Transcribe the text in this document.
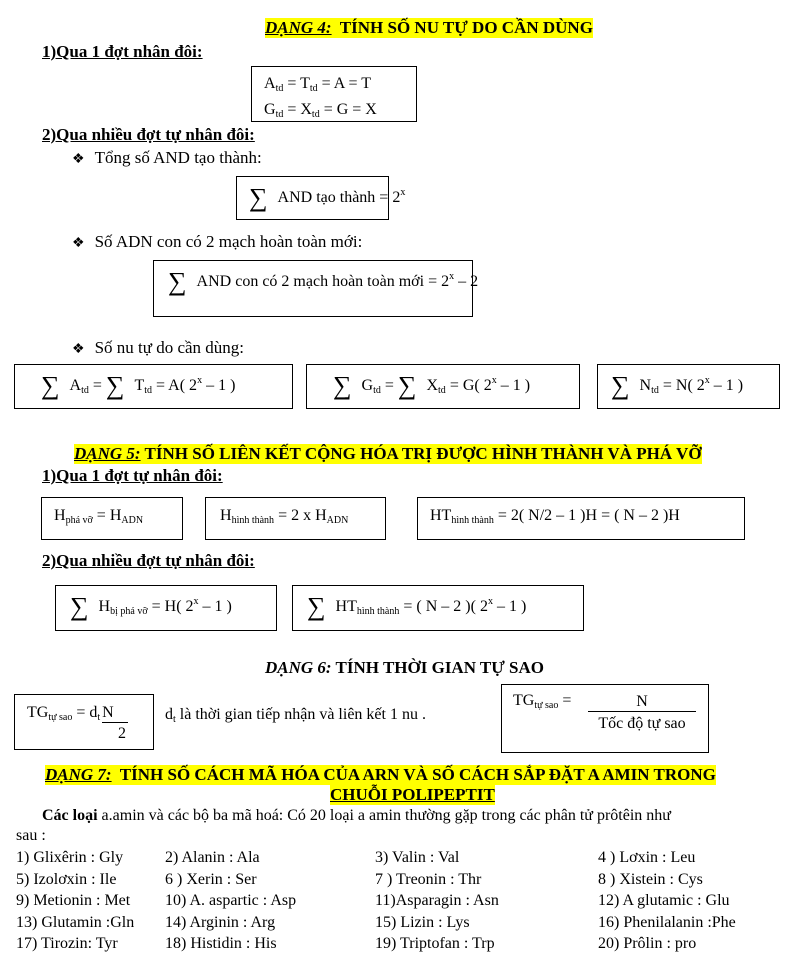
DẠNG 4: TÍNH SỐ NU TỰ DO CẦN DÙNG
1)Qua 1 đợt nhân đôi:
$A_{td} = T_{td} = A = T$
$G_{td} = X_{td} = G = X$
2)Qua nhiều đợt tự nhân đôi:
❖ Tổng số AND tạo thành:
∑ AND tạo thành = $2^x$
❖ Số ADN con có 2 mạch hoàn toàn mới:
∑ AND con có 2 mạch hoàn toàn mới = $2^x - 2$
❖ Số nu tự do cần dùng:
∑ $A_{td}$ = ∑ $T_{td} = A$( 2$^x$ – 1 )	∑ $G_{td}$ = ∑ $X_{td} = G$( 2$^x$ – 1 )	∑ $N_{td} = N$( 2$^x$ – 1 )
DẠNG 5: TÍNH SỐ LIÊN KẾT CỘNG HÓA TRỊ ĐƯỢC HÌNH THÀNH VÀ PHÁ VỠ
1)Qua 1 đợt tự nhân đôi:
$H_{phá vỡ} = H_{ADN}$	$H_{hình thành} = 2$ x $H_{ADN}$	$HT_{hình thành} = 2$( N/2 – 1 )H = ( N – 2 )H
2)Qua nhiều đợt tự nhân đôi:
∑ $H_{bị phá vỡ} = H$( 2$^x$ – 1 )	∑ $HT_{hình thành}$ = ( N – 2 )( 2$^x$ – 1 )
DẠNG 6: TÍNH THỜI GIAN TỰ SAO
$TG_{tự sao} = d_t$ N
2
$d_t$ là thời gian tiếp nhận và liên kết 1 nu .
$TG_{tự sao}$ =	N
Tốc độ tự sao
DẠNG 7: TÍNH SỐ CÁCH MÃ HÓA CỦA ARN VÀ SỐ CÁCH SẮP ĐẶT A AMIN TRONG
CHUỖI POLIPEPTIT
Các loại a.amin và các bộ ba mã hoá: Có 20 loại a amin thường gặp trong các phân tử prôtêin như
sau :
1) Glixêrin : Gly	2) Alanin : Ala	3) Valin : Val	4 ) Lơxin : Leu
5) Izolơxin : Ile	6 ) Xerin : Ser	7 ) Treonin : Thr	8 ) Xistein : Cys
9) Metionin : Met 10) A. aspartic : Asp	11)Asparagin : Asn	12) A glutamic : Glu
13) Glutamin :Gln 14) Arginin : Arg	15) Lizin : Lys	16) Phenilalanin :Phe
17) Tirozin: Tyr	18) Histidin : His	19) Triptofan : Trp	20) Prôlin : pro
